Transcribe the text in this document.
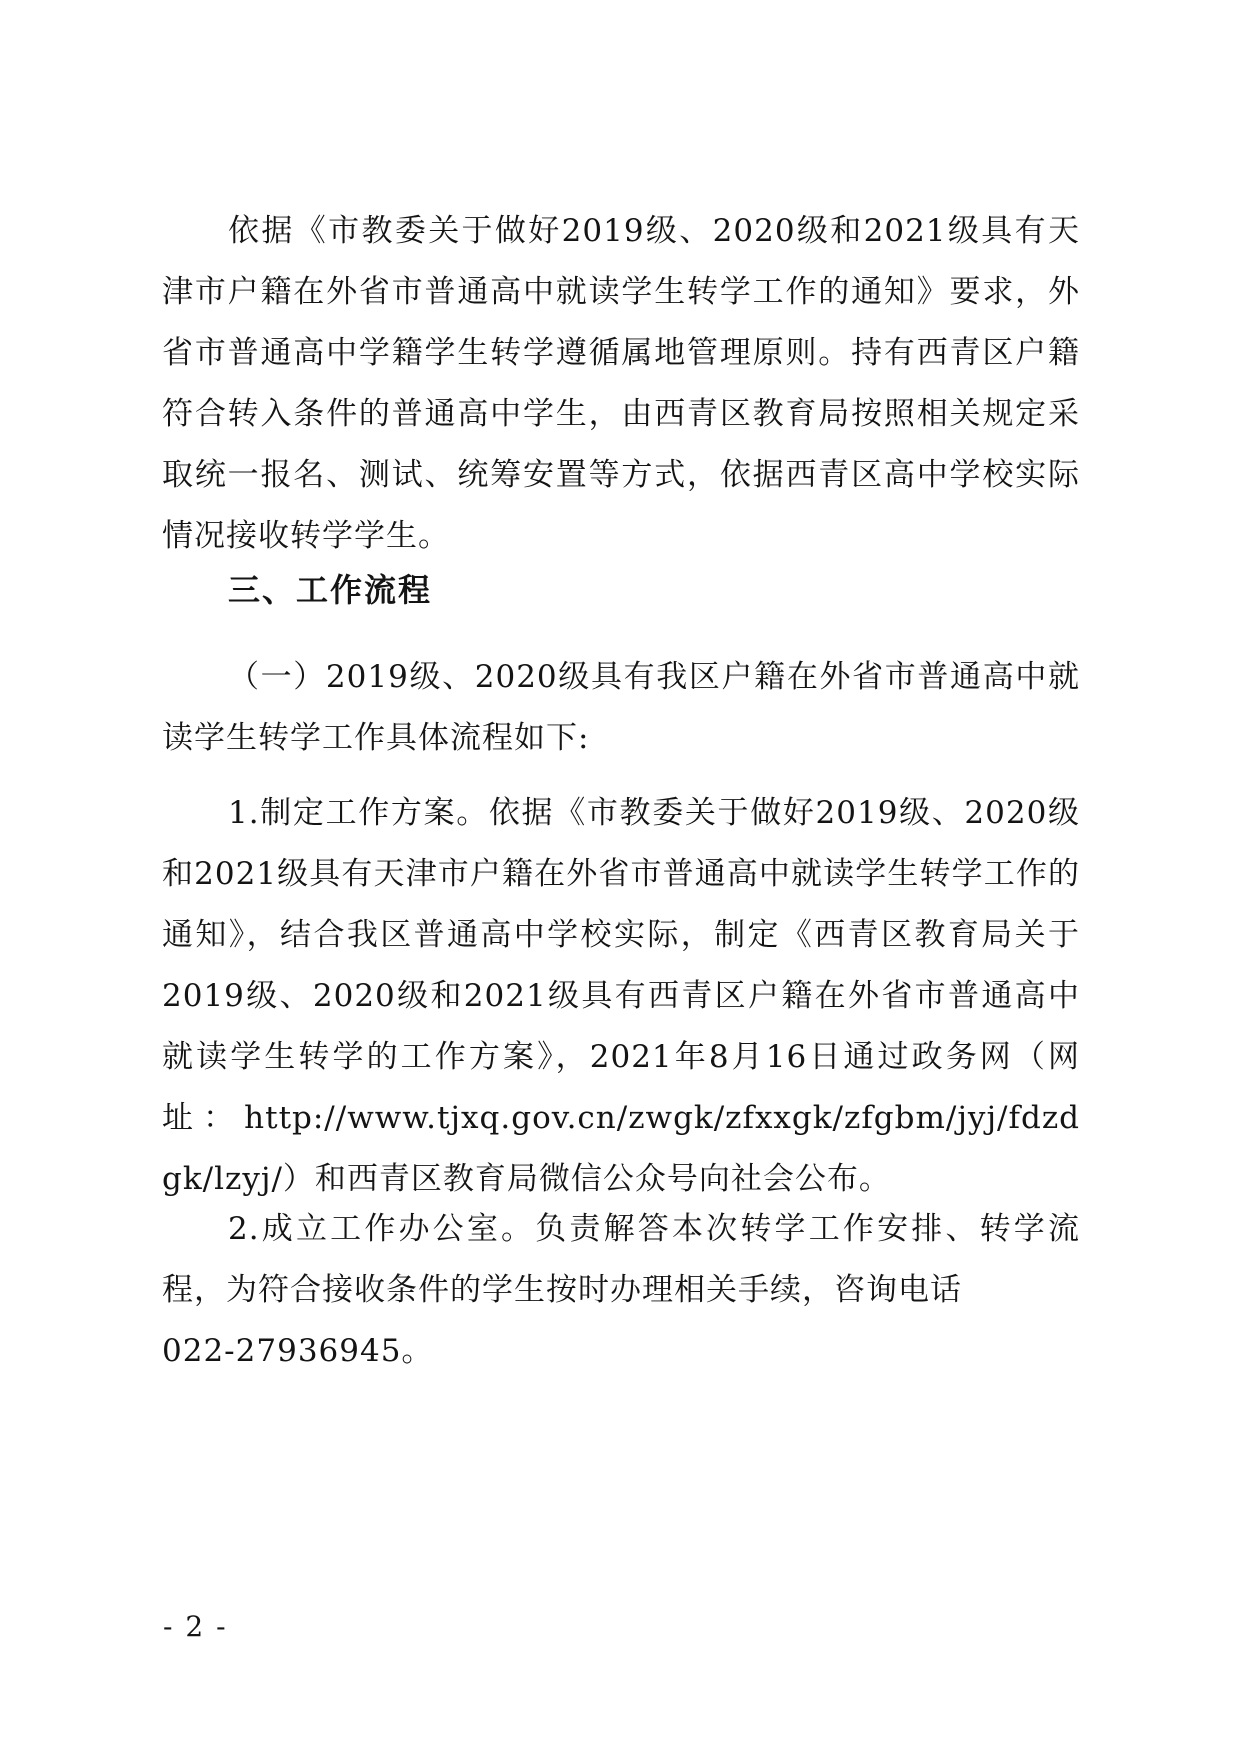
依据《市教委关于做好2019级、2020级和2021级具有天津市户籍在外省市普通高中就读学生转学工作的通知》要求，外省市普通高中学籍学生转学遵循属地管理原则。持有西青区户籍符合转入条件的普通高中学生，由西青区教育局按照相关规定采取统一报名、测试、统筹安置等方式，依据西青区高中学校实际情况接收转学学生。

三、工作流程

（一）2019级、2020级具有我区户籍在外省市普通高中就读学生转学工作具体流程如下:

1.制定工作方案。依据《市教委关于做好2019级、2020级和2021级具有天津市户籍在外省市普通高中就读学生转学工作的通知》，结合我区普通高中学校实际，制定《西青区教育局关于2019级、2020级和2021级具有西青区户籍在外省市普通高中就读学生转学的工作方案》，2021年8月16日通过政务网（网址：http://www.tjxq.gov.cn/zwgk/zfxxgk/zfgbm/jyj/fdzdgk/lzyj/）和西青区教育局微信公众号向社会公布。

2.成立工作办公室。负责解答本次转学工作安排、转学流程，为符合接收条件的学生按时办理相关手续，咨询电话
022-27936945。

- 2 -
